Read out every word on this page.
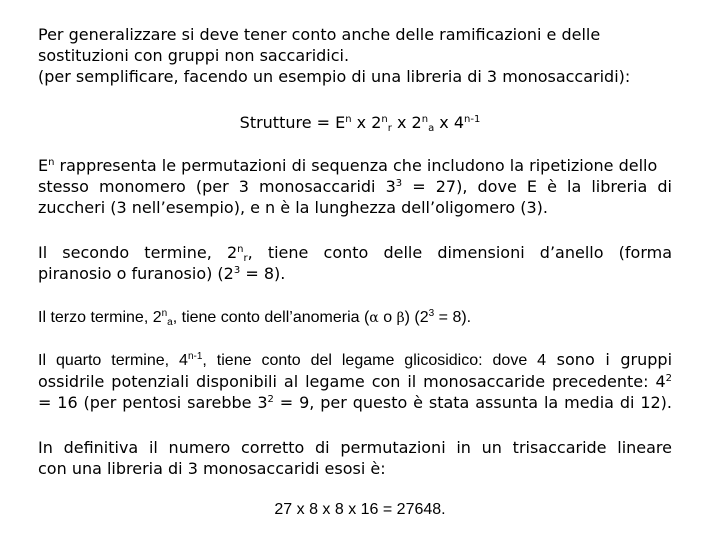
Per generalizzare si deve tener conto anche delle ramificazioni e delle
sostituzioni con gruppi non saccaridici.
(per semplificare, facendo un esempio di una libreria di 3 monosaccaridi):
Strutture = $E^n$ x $2^n_r$ x $2^n_a$ x 4$^{n-1}$
$E^n$ rappresenta le permutazioni di sequenza che includono la ripetizione dello
stesso monomero (per 3 monosaccaridi $3^3 = 27$), dove E è la libreria di
zuccheri (3 nell’esempio), e n è la lunghezza dell’oligomero (3).
Il secondo termine, $2^n_r$, tiene conto delle dimensioni d’anello (forma
piranosio o furanosio) $(2^3 = 8)$.
Il terzo termine, $2^n_a$, tiene conto dell’anomeria (α o β) $(2^3 = 8)$.
Il quarto termine, 4$^{n-1}$, tiene conto del legame glicosidico: dove 4 sono i gruppi
ossidrile potenziali disponibili al legame con il monosaccaride precedente: $4^2$
= 16 (per pentosi sarebbe $3^2 = 9$, per questo è stata assunta la media di 12).
In definitiva il numero corretto di permutazioni in un trisaccaride lineare
con una libreria di 3 monosaccaridi esosi è:
27 x 8 x 8 x 16 = 27648.
